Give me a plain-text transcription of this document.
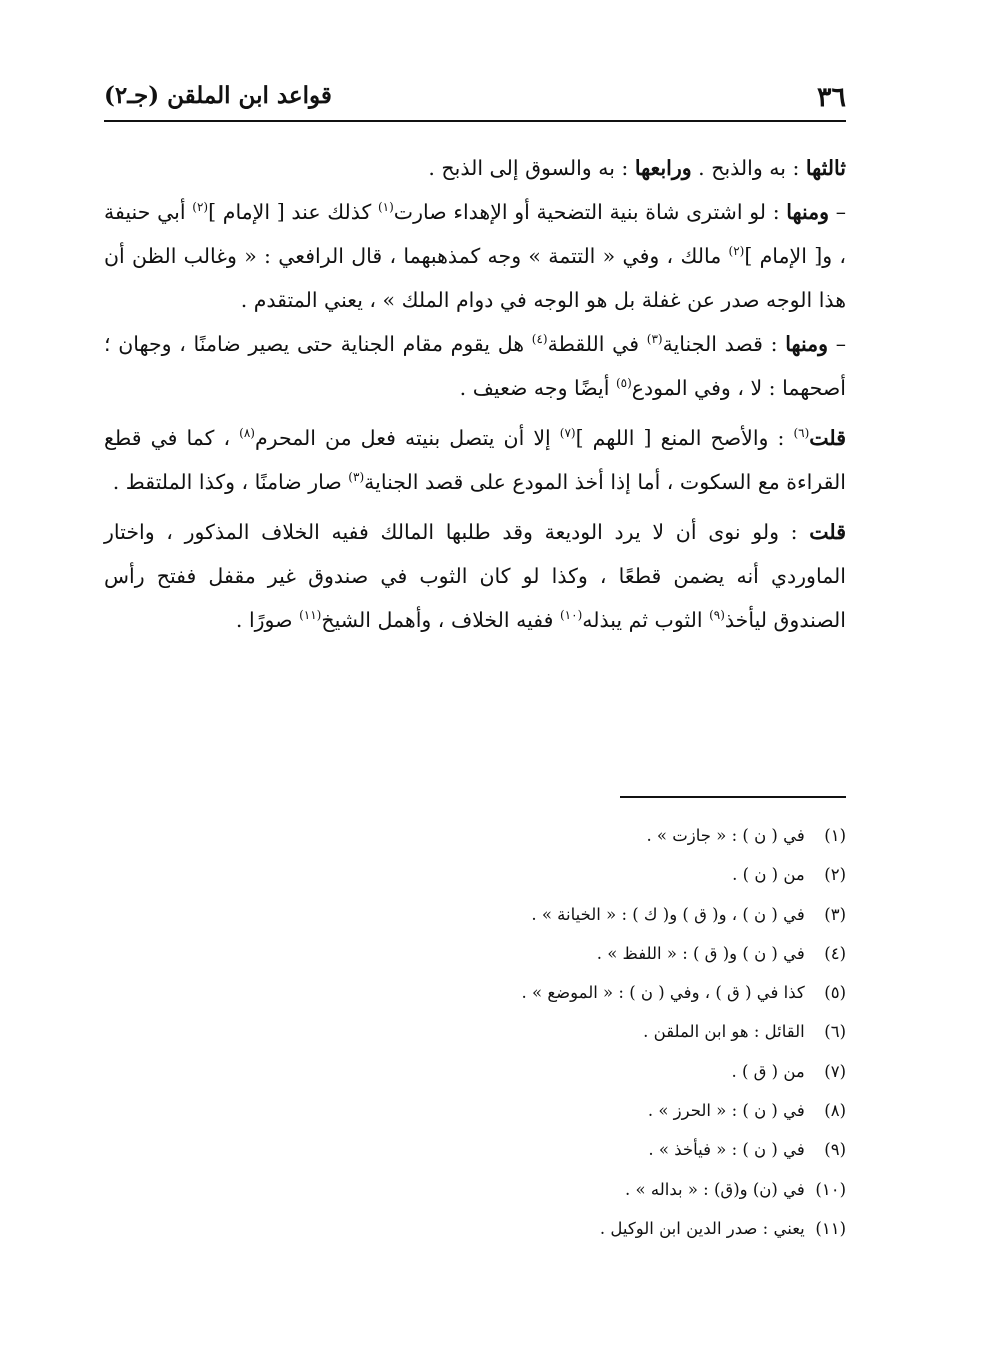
٣٦
قواعد ابن الملقن (جـ٢)
ثالثها : به والذبح . ورابعها : به والسوق إلى الذبح .
– ومنها : لو اشترى شاة بنية التضحية أو الإهداء صارت$^{(١)}$ كذلك عند [ الإمام ]$^{(٢)}$ أبي حنيفة ، و[ الإمام ]$^{(٢)}$ مالك ، وفي « التتمة » وجه كمذهبهما ، قال الرافعي : « وغالب الظن أن هذا الوجه صدر عن غفلة بل هو الوجه في دوام الملك » ، يعني المتقدم .
– ومنها : قصد الجناية$^{(٣)}$ في اللقطة$^{(٤)}$ هل يقوم مقام الجناية حتى يصير ضامنًا ، وجهان ؛ أصحهما : لا ، وفي المودع$^{(٥)}$ أيضًا وجه ضعيف .
قلت$^{(٦)}$ : والأصح المنع [ اللهم ]$^{(٧)}$ إلا أن يتصل بنيته فعل من المحرم$^{(٨)}$ ، كما في قطع القراءة مع السكوت ، أما إذا أخذ المودع على قصد الجناية$^{(٣)}$ صار ضامنًا ، وكذا الملتقط .
قلت : ولو نوى أن لا يرد الوديعة وقد طلبها المالك ففيه الخلاف المذكور ، واختار الماوردي أنه يضمن قطعًا ، وكذا لو كان الثوب في صندوق غير مقفل ففتح رأس الصندوق ليأخذ$^{(٩)}$ الثوب ثم يبذله$^{(١٠)}$ ففيه الخلاف ، وأهمل الشيخ$^{(١١)}$ صورًا .
(١) في ( ن ) : « جازت » .
(٢) من ( ن ) .
(٣) في ( ن ) ، و( ق ) و( ك ) : « الخيانة » .
(٤) في ( ن ) و( ق ) : « اللفظ » .
(٥) كذا في ( ق ) ، وفي ( ن ) : « الموضع » .
(٦) القائل : هو ابن الملقن .
(٧) من ( ق ) .
(٨) في ( ن ) : « الحرز » .
(٩) في ( ن ) : « فيأخذ » .
(١٠) في (ن) و(ق) : « بداله » .
(١١) يعني : صدر الدين ابن الوكيل .
